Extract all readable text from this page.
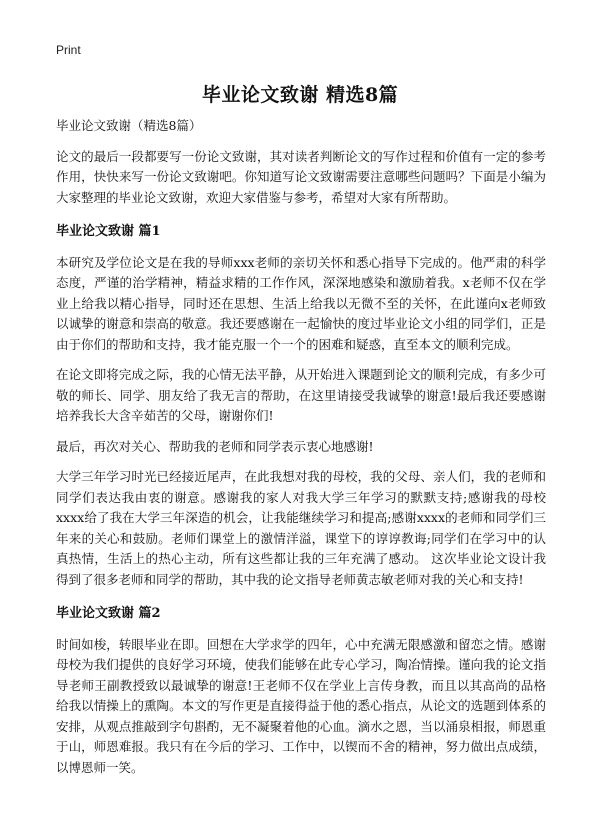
Print
毕业论文致谢 精选8篇

毕业论文致谢（精选8篇）

论文的最后一段都要写一份论文致谢，其对读者判断论文的写作过程和价值有一定的参考作用，快快来写一份论文致谢吧。你知道写论文致谢需要注意哪些问题吗？下面是小编为大家整理的毕业论文致谢，欢迎大家借鉴与参考，希望对大家有所帮助。

毕业论文致谢 篇1

本研究及学位论文是在我的导师xxx老师的亲切关怀和悉心指导下完成的。他严肃的科学态度，严谨的治学精神，精益求精的工作作风，深深地感染和激励着我。x老师不仅在学业上给我以精心指导，同时还在思想、生活上给我以无微不至的关怀，在此谨向x老师致以诚挚的谢意和崇高的敬意。我还要感谢在一起愉快的度过毕业论文小组的同学们，正是由于你们的帮助和支持，我才能克服一个一个的困难和疑惑，直至本文的顺利完成。

在论文即将完成之际，我的心情无法平静，从开始进入课题到论文的顺利完成，有多少可敬的师长、同学、朋友给了我无言的帮助，在这里请接受我诚挚的谢意!最后我还要感谢培养我长大含辛茹苦的父母，谢谢你们!

最后，再次对关心、帮助我的老师和同学表示衷心地感谢!

大学三年学习时光已经接近尾声，在此我想对我的母校，我的父母、亲人们，我的老师和同学们表达我由衷的谢意。感谢我的家人对我大学三年学习的默默支持;感谢我的母校xxxx给了我在大学三年深造的机会，让我能继续学习和提高;感谢xxxx的老师和同学们三年来的关心和鼓励。老师们课堂上的激情洋溢，课堂下的谆谆教诲;同学们在学习中的认真热情，生活上的热心主动，所有这些都让我的三年充满了感动。 这次毕业论文设计我得到了很多老师和同学的帮助，其中我的论文指导老师黄志敏老师对我的关心和支持!

毕业论文致谢 篇2

时间如梭，转眼毕业在即。回想在大学求学的四年，心中充满无限感激和留恋之情。感谢母校为我们提供的良好学习环境，使我们能够在此专心学习，陶冶情操。谨向我的论文指导老师王副教授致以最诚挚的谢意!王老师不仅在学业上言传身教，而且以其高尚的品格给我以情操上的熏陶。本文的写作更是直接得益于他的悉心指点，从论文的选题到体系的安排，从观点推敲到字句斟酌，无不凝聚着他的心血。滴水之恩，当以涌泉相报，师恩重于山，师恩难报。我只有在今后的学习、工作中，以锲而不舍的精神，努力做出点成绩，以博恩师一笑。
